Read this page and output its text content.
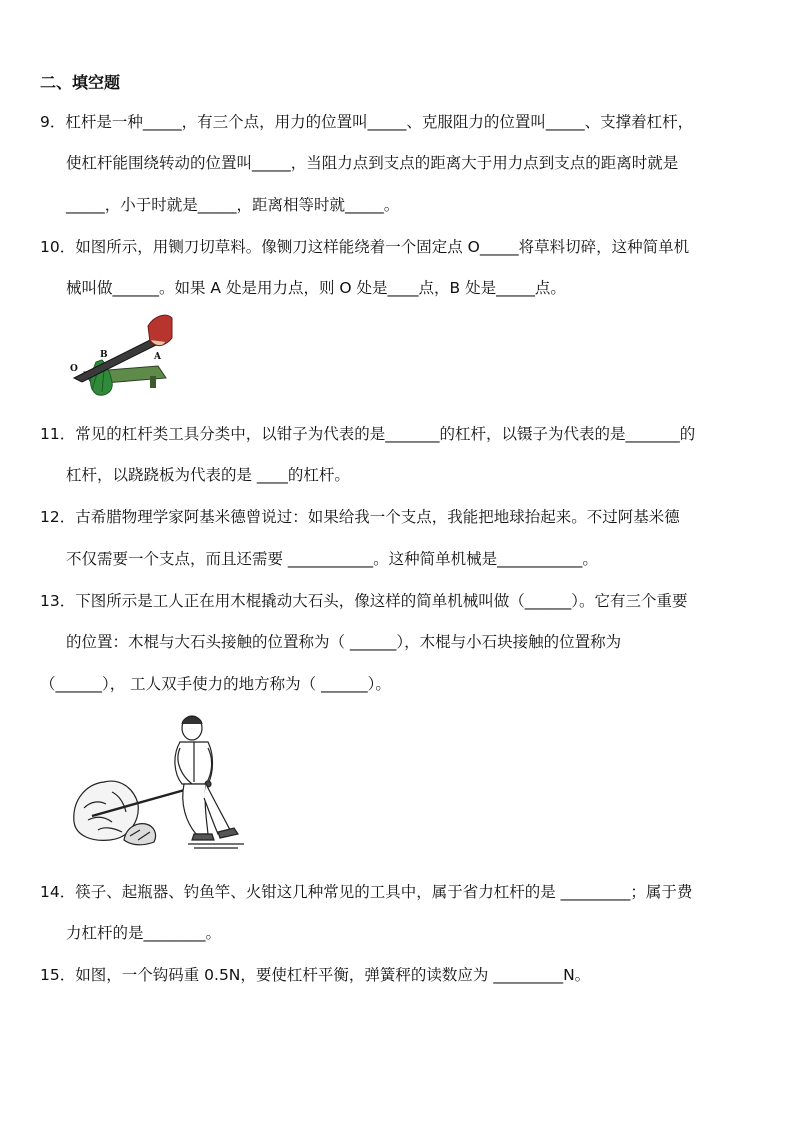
二、填空题
9．杠杆是一种_____，有三个点，用力的位置叫_____、克服阻力的位置叫_____、支撑着杠杆，
使杠杆能围绕转动的位置叫_____，当阻力点到支点的距离大于用力点到支点的距离时就是
_____，小于时就是_____，距离相等时就_____。
10．如图所示，用铡刀切草料。像铡刀这样能绕着一个固定点 O_____将草料切碎，这种简单机
械叫做______。如果 A 处是用力点，则 O 处是____点，B 处是_____点。
O
B	A
11．常见的杠杆类工具分类中，以钳子为代表的是_______的杠杆，以镊子为代表的是_______的
杠杆，以跷跷板为代表的是 ____的杠杆。
12．古希腊物理学家阿基米德曾说过：如果给我一个支点，我能把地球抬起来。不过阿基米德
不仅需要一个支点，而且还需要 ___________。这种简单机械是___________。
13．下图所示是工人正在用木棍撬动大石头，像这样的简单机械叫做（______）。它有三个重要
的位置：木棍与大石头接触的位置称为（ ______），木棍与小石块接触的位置称为
（______）， 工人双手使力的地方称为（ ______）。
14．筷子、起瓶器、钓鱼竿、火钳这几种常见的工具中，属于省力杠杆的是 _________；属于费
力杠杆的是________。
15．如图，一个钩码重 0.5N，要使杠杆平衡，弹簧秤的读数应为 _________N。
